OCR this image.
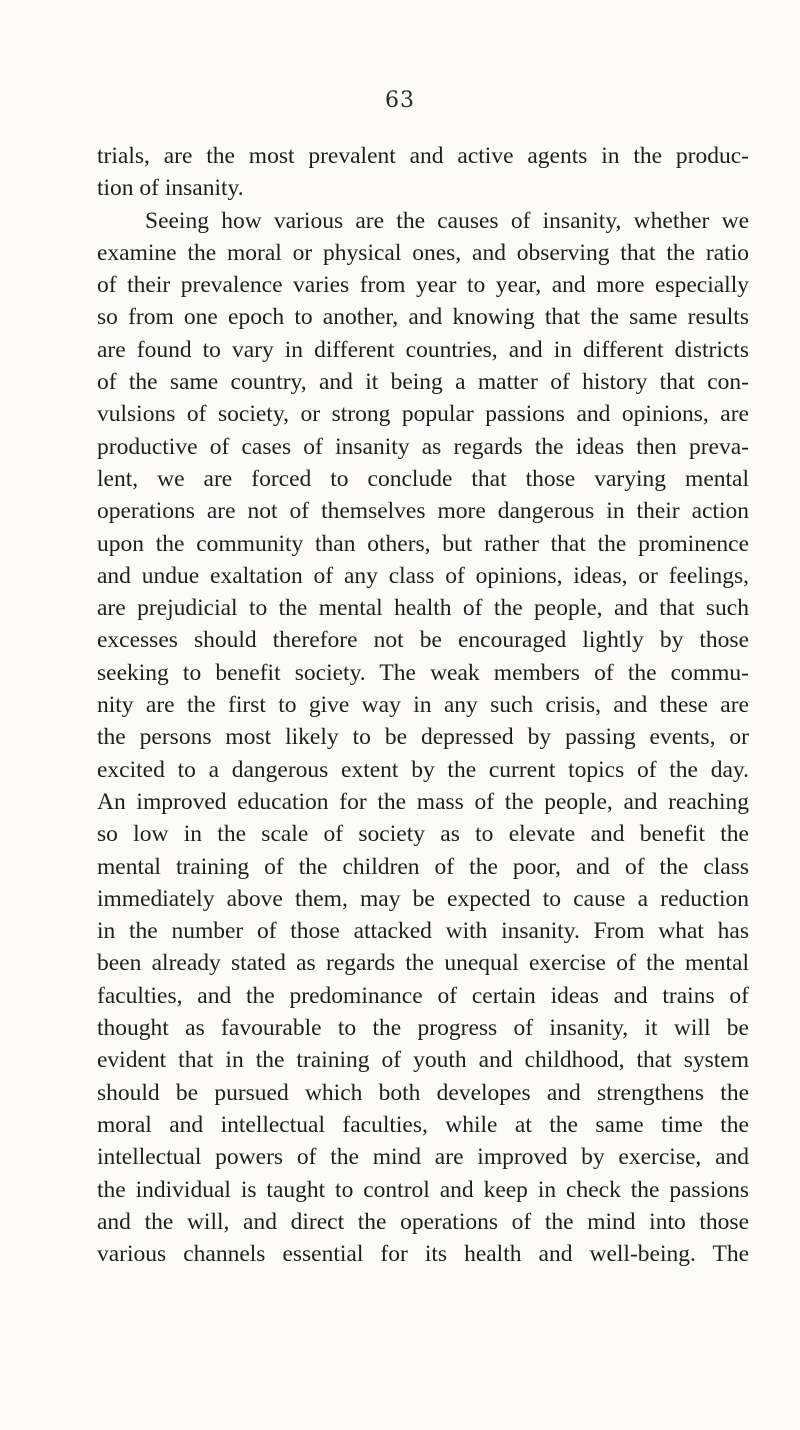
63
trials, are the most prevalent and active agents in the produc-
tion of insanity.
Seeing how various are the causes of insanity, whether we
examine the moral or physical ones, and observing that the ratio
of their prevalence varies from year to year, and more especially
so from one epoch to another, and knowing that the same results
are found to vary in different countries, and in different districts
of the same country, and it being a matter of history that con-
vulsions of society, or strong popular passions and opinions, are
productive of cases of insanity as regards the ideas then preva-
lent, we are forced to conclude that those varying mental
operations are not of themselves more dangerous in their action
upon the community than others, but rather that the prominence
and undue exaltation of any class of opinions, ideas, or feelings,
are prejudicial to the mental health of the people, and that such
excesses should therefore not be encouraged lightly by those
seeking to benefit society. The weak members of the commu-
nity are the first to give way in any such crisis, and these are
the persons most likely to be depressed by passing events, or
excited to a dangerous extent by the current topics of the day.
An improved education for the mass of the people, and reaching
so low in the scale of society as to elevate and benefit the
mental training of the children of the poor, and of the class
immediately above them, may be expected to cause a reduction
in the number of those attacked with insanity. From what has
been already stated as regards the unequal exercise of the mental
faculties, and the predominance of certain ideas and trains of
thought as favourable to the progress of insanity, it will be
evident that in the training of youth and childhood, that system
should be pursued which both developes and strengthens the
moral and intellectual faculties, while at the same time the
intellectual powers of the mind are improved by exercise, and
the individual is taught to control and keep in check the passions
and the will, and direct the operations of the mind into those
various channels essential for its health and well-being. The
